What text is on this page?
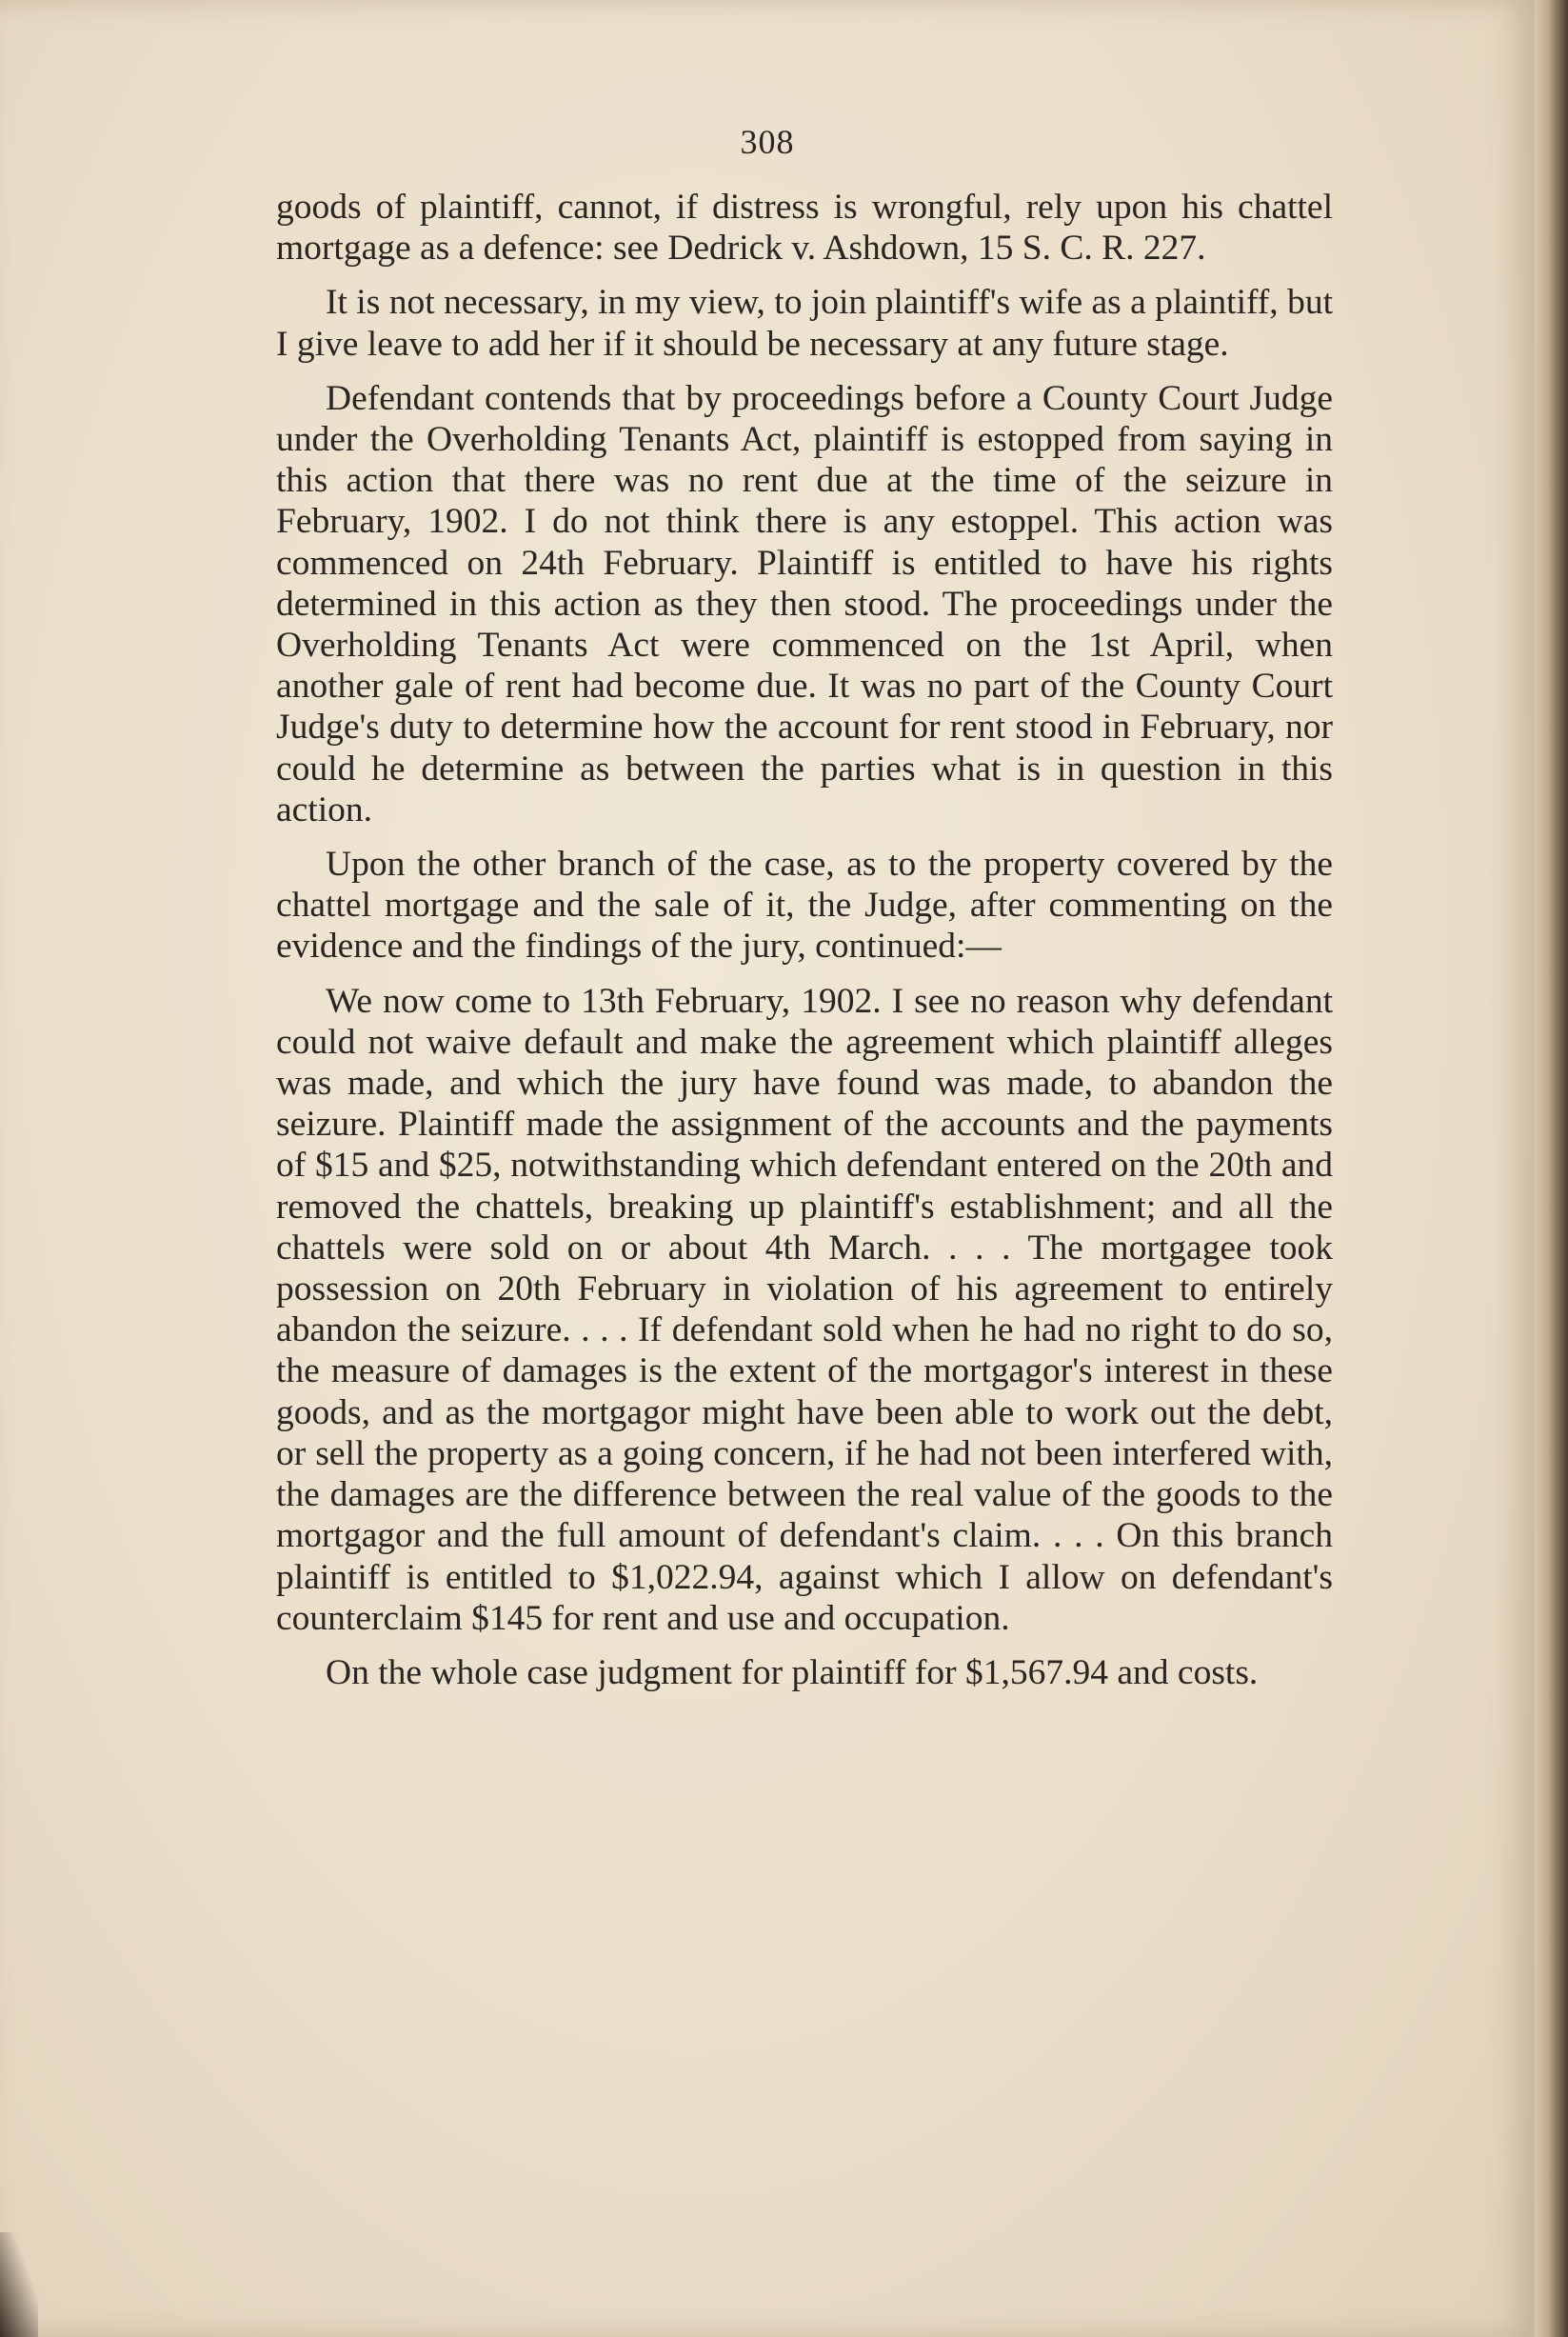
308

goods of plaintiff, cannot, if distress is wrongful, rely upon his chattel mortgage as a defence: see Dedrick v. Ashdown, 15 S. C. R. 227.

It is not necessary, in my view, to join plaintiff's wife as a plaintiff, but I give leave to add her if it should be necessary at any future stage.

Defendant contends that by proceedings before a County Court Judge under the Overholding Tenants Act, plaintiff is estopped from saying in this action that there was no rent due at the time of the seizure in February, 1902. I do not think there is any estoppel. This action was commenced on 24th February. Plaintiff is entitled to have his rights determined in this action as they then stood. The proceedings under the Overholding Tenants Act were commenced on the 1st April, when another gale of rent had become due. It was no part of the County Court Judge's duty to determine how the account for rent stood in February, nor could he determine as between the parties what is in question in this action.

Upon the other branch of the case, as to the property covered by the chattel mortgage and the sale of it, the Judge, after commenting on the evidence and the findings of the jury, continued:—

We now come to 13th February, 1902. I see no reason why defendant could not waive default and make the agreement which plaintiff alleges was made, and which the jury have found was made, to abandon the seizure. Plaintiff made the assignment of the accounts and the payments of $15 and $25, notwithstanding which defendant entered on the 20th and removed the chattels, breaking up plaintiff's establishment; and all the chattels were sold on or about 4th March. . . . The mortgagee took possession on 20th February in violation of his agreement to entirely abandon the seizure. . . . If defendant sold when he had no right to do so, the measure of damages is the extent of the mortgagor's interest in these goods, and as the mortgagor might have been able to work out the debt, or sell the property as a going concern, if he had not been interfered with, the damages are the difference between the real value of the goods to the mortgagor and the full amount of defendant's claim. . . . On this branch plaintiff is entitled to $1,022.94, against which I allow on defendant's counterclaim $145 for rent and use and occupation.

On the whole case judgment for plaintiff for $1,567.94 and costs.
